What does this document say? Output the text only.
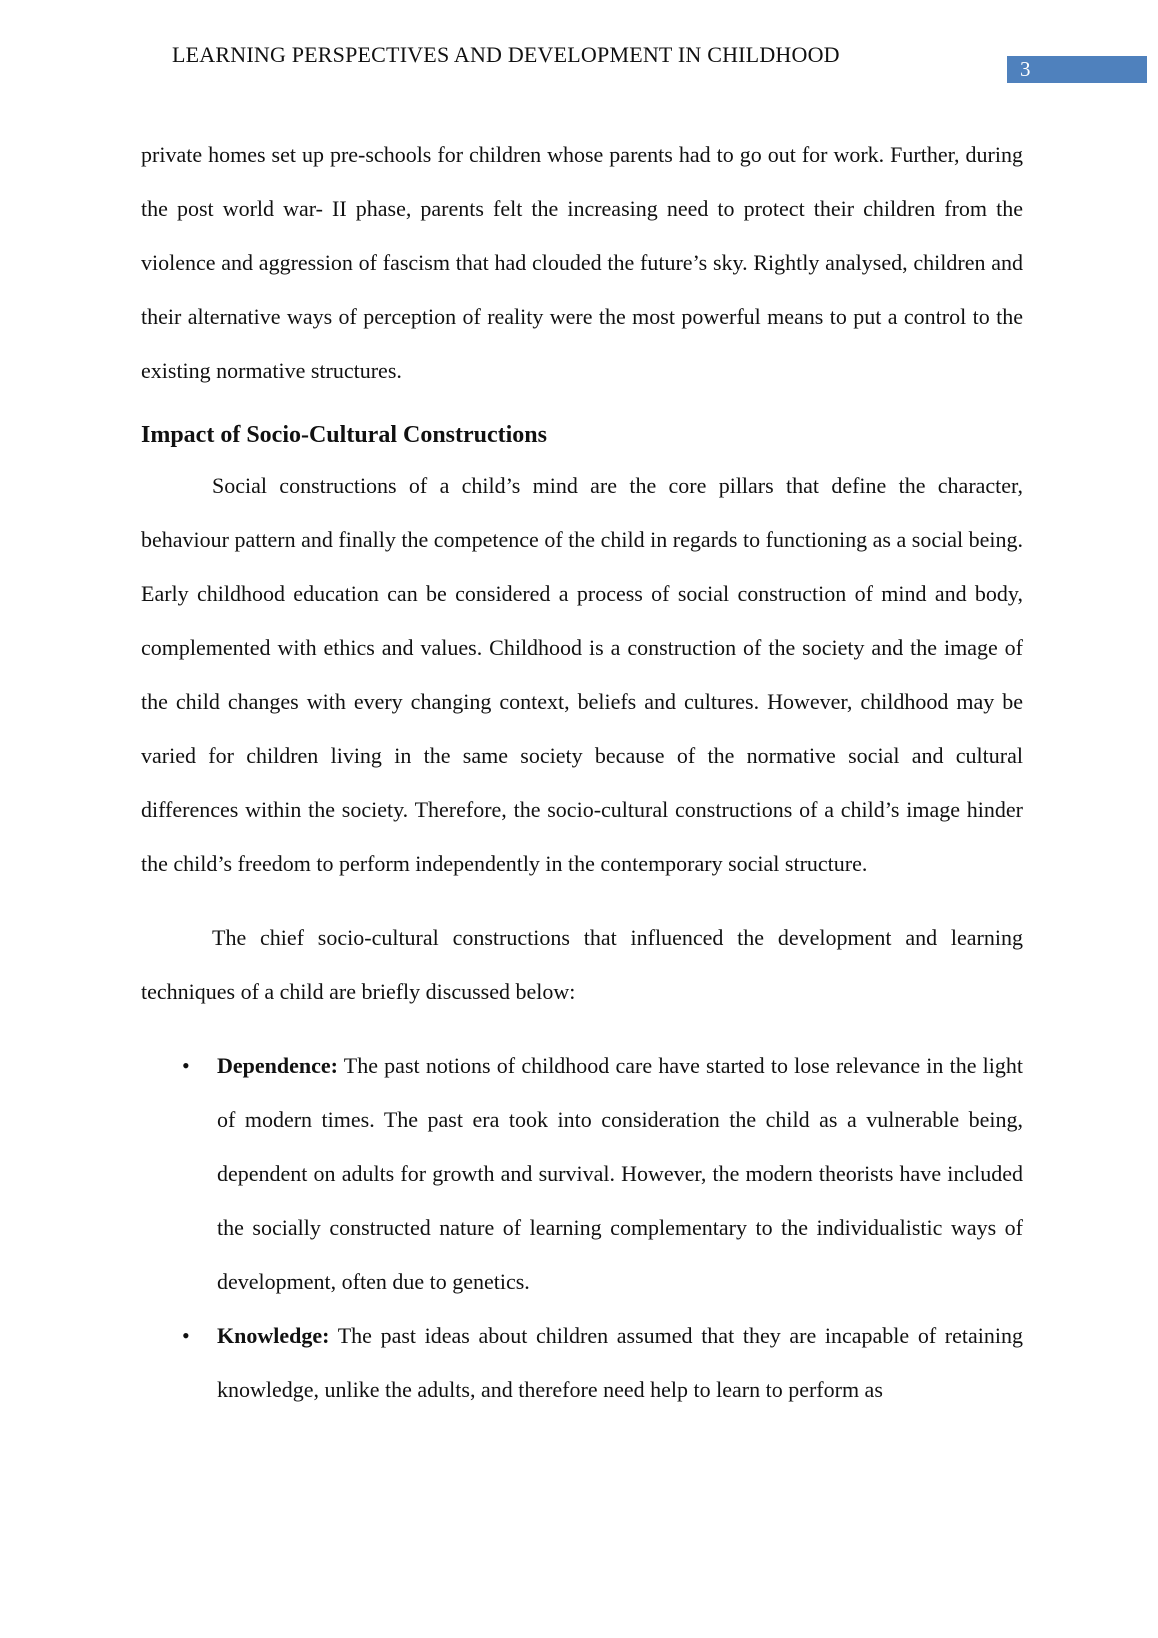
LEARNING PERSPECTIVES AND DEVELOPMENT IN CHILDHOOD
3

private homes set up pre-schools for children whose parents had to go out for work. Further, during the post world war- II phase, parents felt the increasing need to protect their children from the violence and aggression of fascism that had clouded the future’s sky. Rightly analysed, children and their alternative ways of perception of reality were the most powerful means to put a control to the existing normative structures.

Impact of Socio-Cultural Constructions

Social constructions of a child’s mind are the core pillars that define the character, behaviour pattern and finally the competence of the child in regards to functioning as a social being. Early childhood education can be considered a process of social construction of mind and body, complemented with ethics and values. Childhood is a construction of the society and the image of the child changes with every changing context, beliefs and cultures. However, childhood may be varied for children living in the same society because of the normative social and cultural differences within the society. Therefore, the socio-cultural constructions of a child’s image hinder the child’s freedom to perform independently in the contemporary social structure.

The chief socio-cultural constructions that influenced the development and learning techniques of a child are briefly discussed below:

• Dependence: The past notions of childhood care have started to lose relevance in the light of modern times. The past era took into consideration the child as a vulnerable being, dependent on adults for growth and survival. However, the modern theorists have included the socially constructed nature of learning complementary to the individualistic ways of development, often due to genetics.
• Knowledge: The past ideas about children assumed that they are incapable of retaining knowledge, unlike the adults, and therefore need help to learn to perform as
